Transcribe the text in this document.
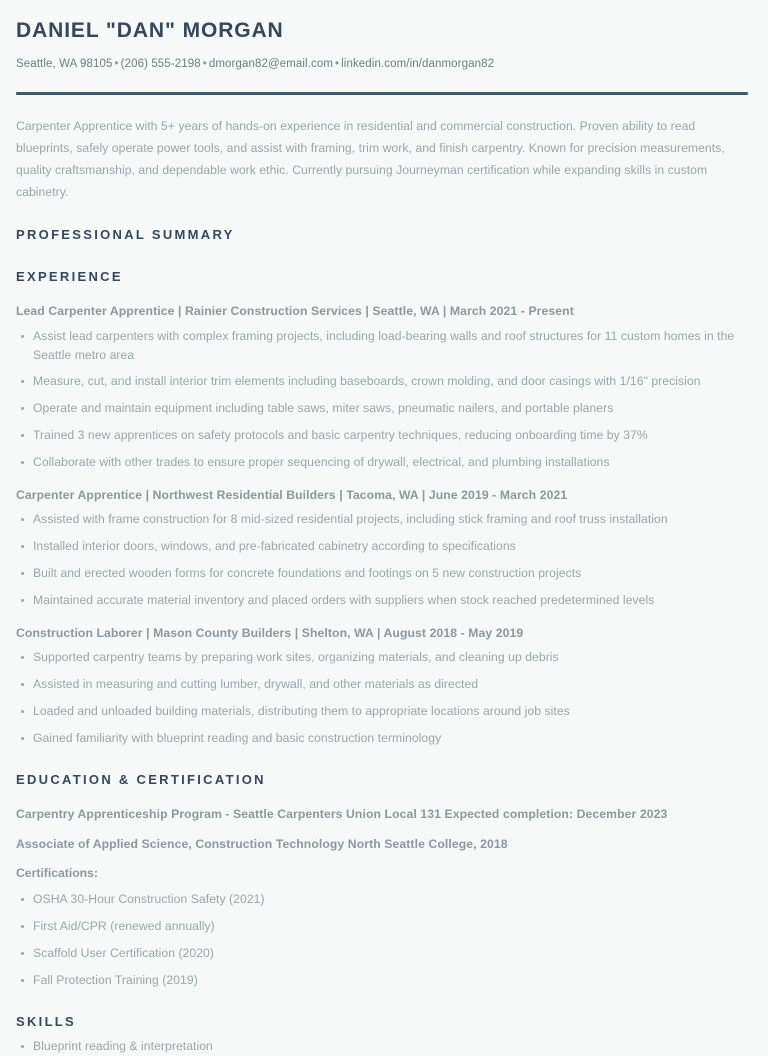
DANIEL "DAN" MORGAN
Seattle, WA 98105 • (206) 555-2198 • dmorgan82@email.com • linkedin.com/in/danmorgan82

Carpenter Apprentice with 5+ years of hands-on experience in residential and commercial construction. Proven ability to read blueprints, safely operate power tools, and assist with framing, trim work, and finish carpentry. Known for precision measurements, quality craftsmanship, and dependable work ethic. Currently pursuing Journeyman certification while expanding skills in custom cabinetry.

PROFESSIONAL SUMMARY
EXPERIENCE

Lead Carpenter Apprentice | Rainier Construction Services | Seattle, WA | March 2021 - Present

Assist lead carpenters with complex framing projects, including load-bearing walls and roof structures for 11 custom homes in the Seattle metro area
Measure, cut, and install interior trim elements including baseboards, crown molding, and door casings with 1/16" precision
Operate and maintain equipment including table saws, miter saws, pneumatic nailers, and portable planers
Trained 3 new apprentices on safety protocols and basic carpentry techniques, reducing onboarding time by 37%
Collaborate with other trades to ensure proper sequencing of drywall, electrical, and plumbing installations

Carpenter Apprentice | Northwest Residential Builders | Tacoma, WA | June 2019 - March 2021

Assisted with frame construction for 8 mid-sized residential projects, including stick framing and roof truss installation
Installed interior doors, windows, and pre-fabricated cabinetry according to specifications
Built and erected wooden forms for concrete foundations and footings on 5 new construction projects
Maintained accurate material inventory and placed orders with suppliers when stock reached predetermined levels

Construction Laborer | Mason County Builders | Shelton, WA | August 2018 - May 2019

Supported carpentry teams by preparing work sites, organizing materials, and cleaning up debris
Assisted in measuring and cutting lumber, drywall, and other materials as directed
Loaded and unloaded building materials, distributing them to appropriate locations around job sites
Gained familiarity with blueprint reading and basic construction terminology
EDUCATION & CERTIFICATION

Carpentry Apprenticeship Program - Seattle Carpenters Union Local 131 Expected completion: December 2023

Associate of Applied Science, Construction Technology North Seattle College, 2018

Certifications:

OSHA 30-Hour Construction Safety (2021)
First Aid/CPR (renewed annually)
Scaffold User Certification (2020)
Fall Protection Training (2019)
SKILLS
Blueprint reading & interpretation
